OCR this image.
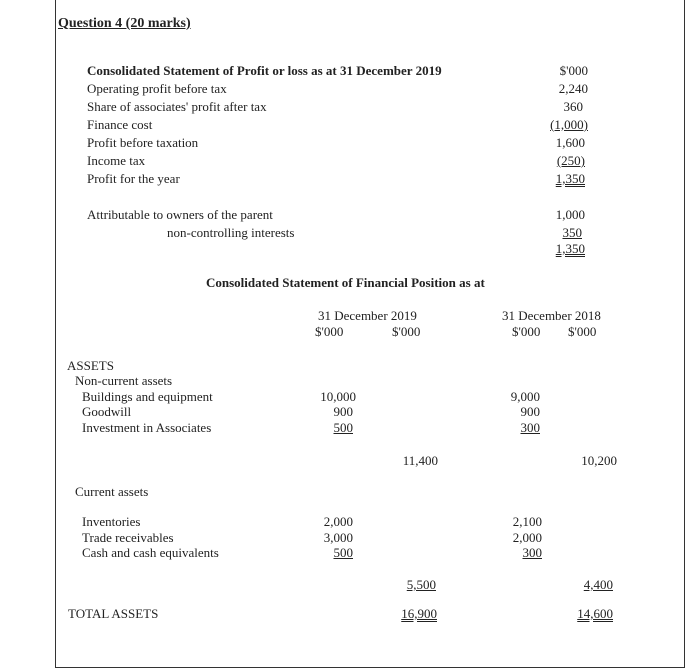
Question 4 (20 marks)
Consolidated Statement of Profit or loss as at 31 December 2019	$'000
Operating profit before tax	2,240
Share of associates' profit after tax	360
Finance cost	(1,000)
Profit before taxation	1,600
Income tax	(250)
Profit for the year	1,350
Attributable to owners of the parent	1,000
non-controlling interests	350
1,350
Consolidated Statement of Financial Position as at
31 December 2019	31 December 2018
$'000	$'000	$'000 $'000
ASSETS
Non-current assets
Buildings and equipment	10,000	9,000
Goodwill	900	900
Investment in Associates	500	300
11,400	10,200
Current assets
Inventories	2,000	2,100
Trade receivables	3,000	2,000
Cash and cash equivalents	500	300
5,500	4,400
TOTAL ASSETS	16,900	14,600
